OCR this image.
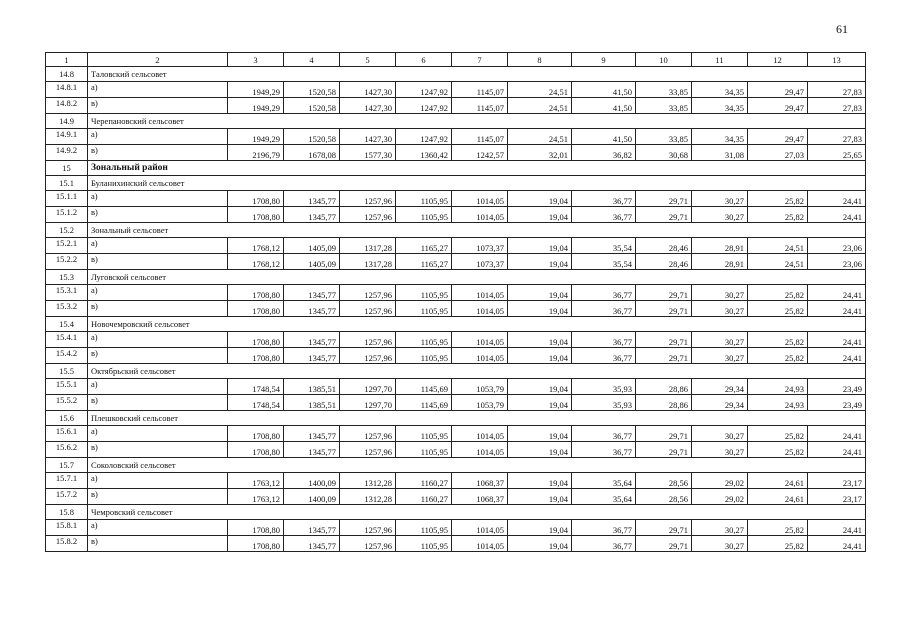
61
1	2	3	4	5	6	7	8	9	10	11	12	13
14.8	Таловский сельсовет											
14.8.1	а)	1949,29	1520,58	1427,30	1247,92	1145,07	24,51	41,50	33,85	34,35	29,47	27,83
14.8.2	в)	1949,29	1520,58	1427,30	1247,92	1145,07	24,51	41,50	33,85	34,35	29,47	27,83
14.9	Черепановский сельсовет											
14.9.1	а)	1949,29	1520,58	1427,30	1247,92	1145,07	24,51	41,50	33,85	34,35	29,47	27,83
14.9.2	в)	2196,79	1678,08	1577,30	1360,42	1242,57	32,01	36,82	30,68	31,08	27,03	25,65
15	Зональный район											
15.1	Буланихинский сельсовет											
15.1.1	а)	1708,80	1345,77	1257,96	1105,95	1014,05	19,04	36,77	29,71	30,27	25,82	24,41
15.1.2	в)	1708,80	1345,77	1257,96	1105,95	1014,05	19,04	36,77	29,71	30,27	25,82	24,41
15.2	Зональный сельсовет											
15.2.1	а)	1768,12	1405,09	1317,28	1165,27	1073,37	19,04	35,54	28,46	28,91	24,51	23,06
15.2.2	в)	1768,12	1405,09	1317,28	1165,27	1073,37	19,04	35,54	28,46	28,91	24,51	23,06
15.3	Луговской сельсовет											
15.3.1	а)	1708,80	1345,77	1257,96	1105,95	1014,05	19,04	36,77	29,71	30,27	25,82	24,41
15.3.2	в)	1708,80	1345,77	1257,96	1105,95	1014,05	19,04	36,77	29,71	30,27	25,82	24,41
15.4	Новочемровский сельсовет											
15.4.1	а)	1708,80	1345,77	1257,96	1105,95	1014,05	19,04	36,77	29,71	30,27	25,82	24,41
15.4.2	в)	1708,80	1345,77	1257,96	1105,95	1014,05	19,04	36,77	29,71	30,27	25,82	24,41
15.5	Октябрьский сельсовет											
15.5.1	а)	1748,54	1385,51	1297,70	1145,69	1053,79	19,04	35,93	28,86	29,34	24,93	23,49
15.5.2	в)	1748,54	1385,51	1297,70	1145,69	1053,79	19,04	35,93	28,86	29,34	24,93	23,49
15.6	Плешковский сельсовет											
15.6.1	а)	1708,80	1345,77	1257,96	1105,95	1014,05	19,04	36,77	29,71	30,27	25,82	24,41
15.6.2	в)	1708,80	1345,77	1257,96	1105,95	1014,05	19,04	36,77	29,71	30,27	25,82	24,41
15.7	Соколовский сельсовет											
15.7.1	а)	1763,12	1400,09	1312,28	1160,27	1068,37	19,04	35,64	28,56	29,02	24,61	23,17
15.7.2	в)	1763,12	1400,09	1312,28	1160,27	1068,37	19,04	35,64	28,56	29,02	24,61	23,17
15.8	Чемровский сельсовет											
15.8.1	а)	1708,80	1345,77	1257,96	1105,95	1014,05	19,04	36,77	29,71	30,27	25,82	24,41
15.8.2	в)	1708,80	1345,77	1257,96	1105,95	1014,05	19,04	36,77	29,71	30,27	25,82	24,41
